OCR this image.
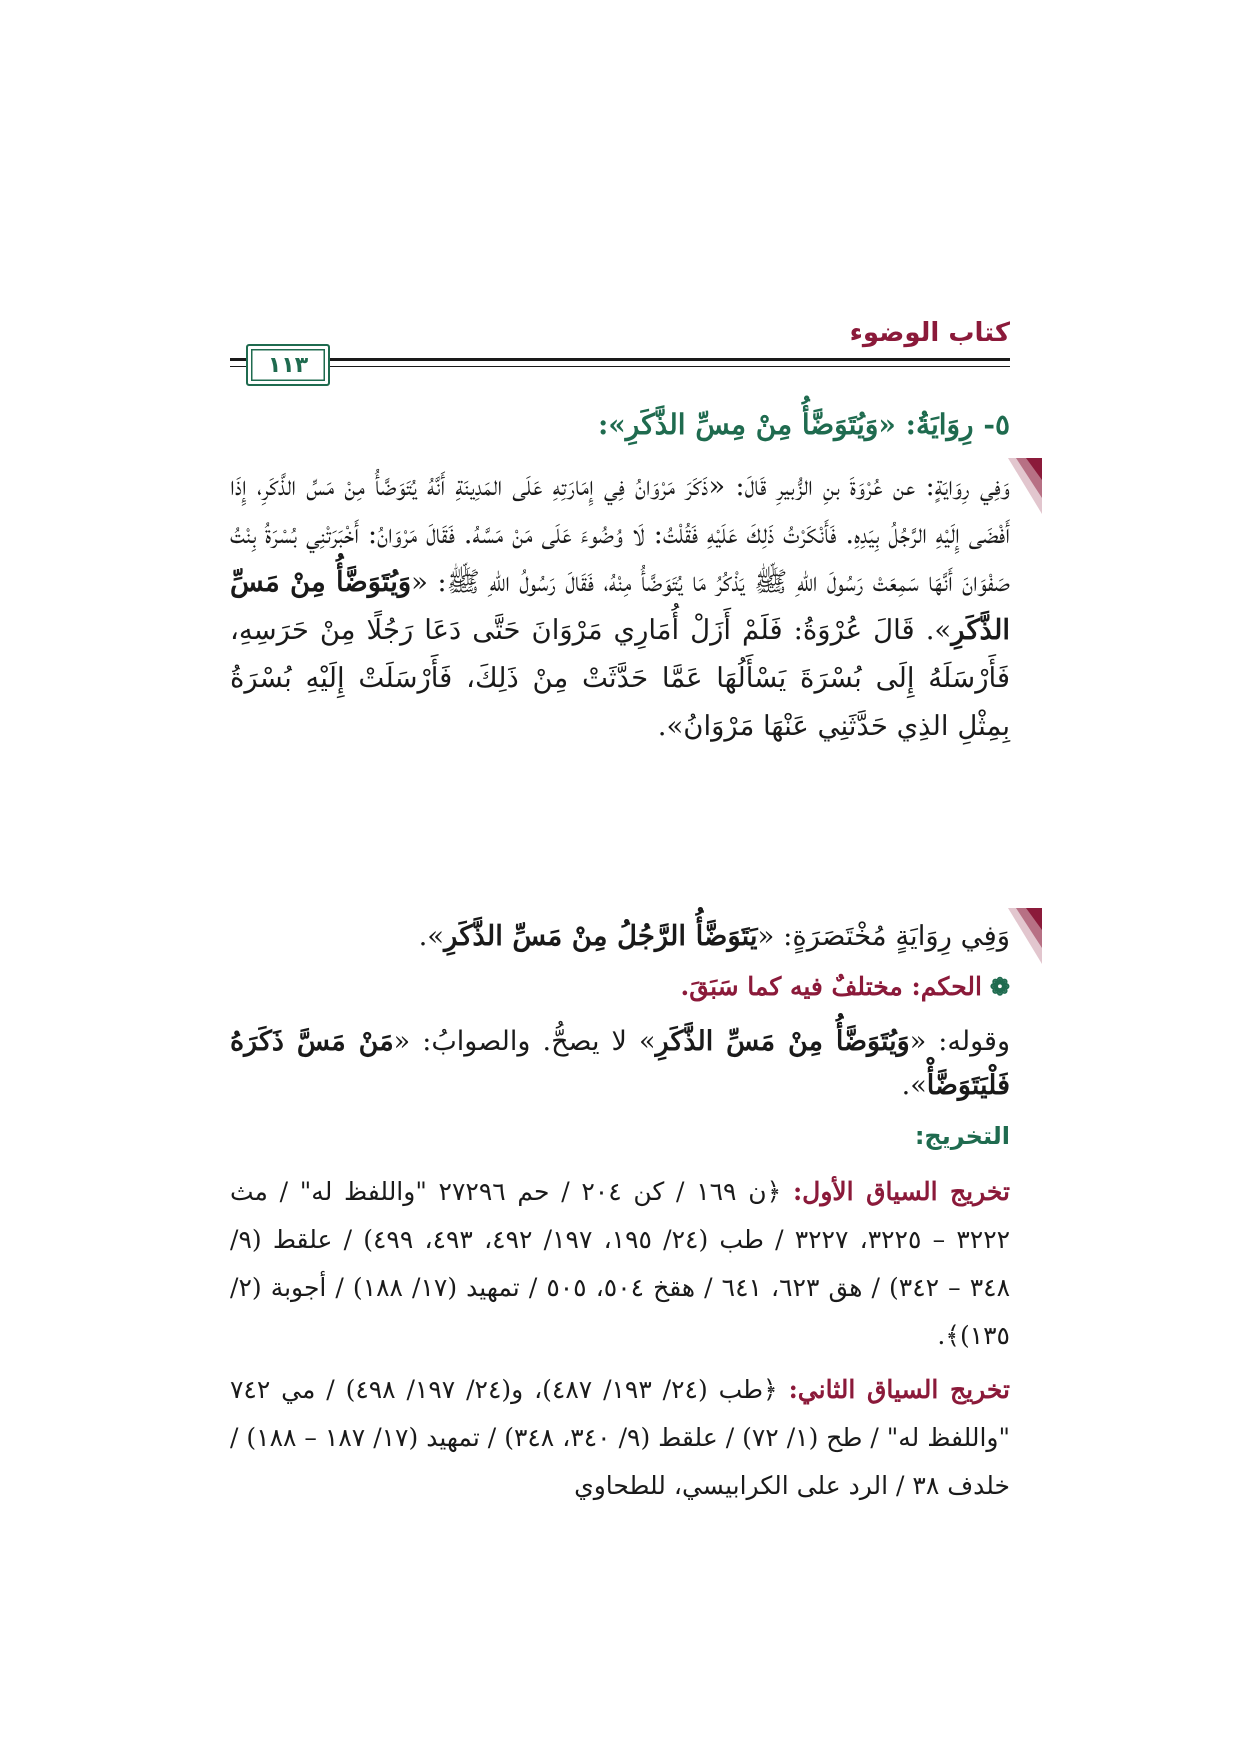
كتاب الوضوء
١١٣
٥- رِوَايَةُ: «وَيُتَوَضَّأُ مِنْ مِسِّ الذَّكَرِ»:

وَفِي رِوَايَةٍ: عن عُرْوَةَ بنِ الزُّبيرِ قَالَ: «ذَكَرَ مَرْوَانُ فِي إِمَارَتِهِ عَلَى المَدِينَةِ أَنَّهُ يُتَوَضَّأُ مِنْ مَسِّ الذَّكَرِ، إِذَا أَفْضَى إِلَيْهِ الرَّجُلُ بِيَدِهِ. فَأَنْكَرْتُ ذَلِكَ عَلَيْهِ فَقُلْتُ: لَا وُضُوءَ عَلَى مَنْ مَسَّهُ. فَقَالَ مَرْوَانُ: أَخْبَرَتْنِي بُسْرَةُ بِنْتُ صَفْوَانَ أَنَّهَا سَمِعَتْ رَسُولَ اللهِ ﷺ يَذْكُرُ مَا يُتَوَضَّأُ مِنْهُ، فَقَالَ رَسُولُ اللهِ ﷺ: «وَيُتَوَضَّأُ مِنْ مَسِّ الذَّكَرِ». قَالَ عُرْوَةُ: فَلَمْ أَزَلْ أُمَارِي مَرْوَانَ حَتَّى دَعَا رَجُلًا مِنْ حَرَسِهِ، فَأَرْسَلَهُ إِلَى بُسْرَةَ يَسْأَلُهَا عَمَّا حَدَّثَتْ مِنْ ذَلِكَ، فَأَرْسَلَتْ إِلَيْهِ بُسْرَةُ بِمِثْلِ الذِي حَدَّثَنِي عَنْهَا مَرْوَانُ».

وَفِي رِوَايَةٍ مُخْتَصَرَةٍ: «يَتَوَضَّأُ الرَّجُلُ مِنْ مَسِّ الذَّكَرِ».

❁الحكم: مختلفٌ فيه كما سَبَقَ.

وقوله: «وَيُتَوَضَّأُ مِنْ مَسِّ الذَّكَرِ» لا يصحُّ. والصوابُ: «مَنْ مَسَّ ذَكَرَهُ فَلْيَتَوَضَّأْ».

التخريج:

تخريج السياق الأول: ﴿ن ١٦٩ / كن ٢٠٤ / حم ٢٧٢٩٦ "واللفظ له" / مث ٣٢٢٢ – ٣٢٢٥، ٣٢٢٧ / طب (٢٤/ ١٩٥، ١٩٧/ ٤٩٢، ٤٩٣، ٤٩٩) / علقط (٩/ ٣٤٨ – ٣٤٢) / هق ٦٢٣، ٦٤١ / هقخ ٥٠٤، ٥٠٥ / تمهيد (١٧/ ١٨٨) / أجوبة (٢/ ١٣٥)﴾.

تخريج السياق الثاني: ﴿طب (٢٤/ ١٩٣/ ٤٨٧)، و(٢٤/ ١٩٧/ ٤٩٨) / مي ٧٤٢ "واللفظ له" / طح (١/ ٧٢) / علقط (٩/ ٣٤٠، ٣٤٨) / تمهيد (١٧/ ١٨٧ – ١٨٨) / خلدف ٣٨ / الرد على الكرابيسي، للطحاوي
